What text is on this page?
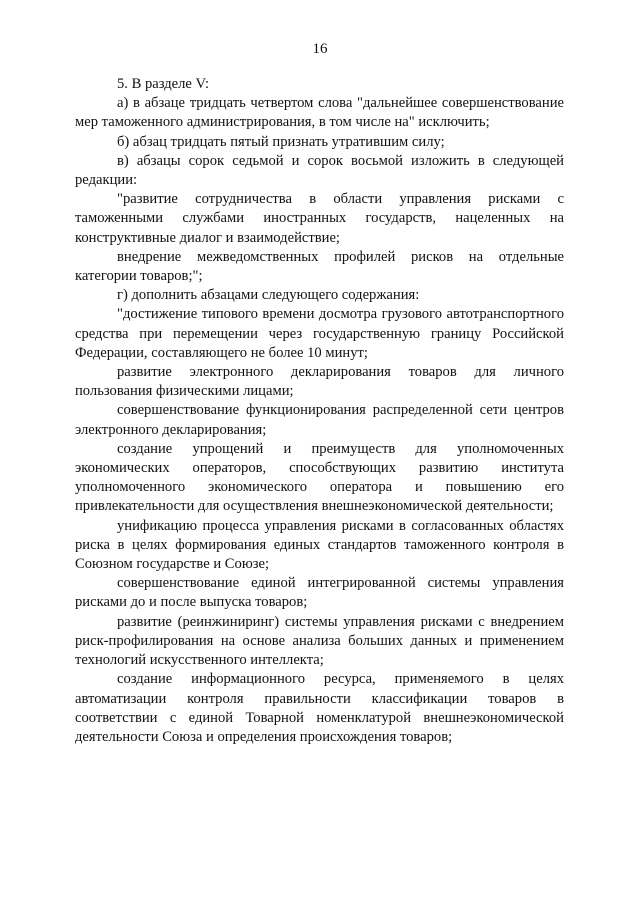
16

5. В разделе V:

а) в абзаце тридцать четвертом слова "дальнейшее совершенствование мер таможенного администрирования, в том числе на" исключить;

б) абзац тридцать пятый признать утратившим силу;

в) абзацы сорок седьмой и сорок восьмой изложить в следующей редакции:

"развитие сотрудничества в области управления рисками с таможенными службами иностранных государств, нацеленных на конструктивные диалог и взаимодействие;

внедрение межведомственных профилей рисков на отдельные категории товаров;";

г) дополнить абзацами следующего содержания:

"достижение типового времени досмотра грузового автотранспортного средства при перемещении через государственную границу Российской Федерации, составляющего не более 10 минут;

развитие электронного декларирования товаров для личного пользования физическими лицами;

совершенствование функционирования распределенной сети центров электронного декларирования;

создание упрощений и преимуществ для уполномоченных экономических операторов, способствующих развитию института уполномоченного экономического оператора и повышению его привлекательности для осуществления внешнеэкономической деятельности;

унификацию процесса управления рисками в согласованных областях риска в целях формирования единых стандартов таможенного контроля в Союзном государстве и Союзе;

совершенствование единой интегрированной системы управления рисками до и после выпуска товаров;

развитие (реинжиниринг) системы управления рисками с внедрением риск-профилирования на основе анализа больших данных и применением технологий искусственного интеллекта;

создание информационного ресурса, применяемого в целях автоматизации контроля правильности классификации товаров в соответствии с единой Товарной номенклатурой внешнеэкономической деятельности Союза и определения происхождения товаров;
